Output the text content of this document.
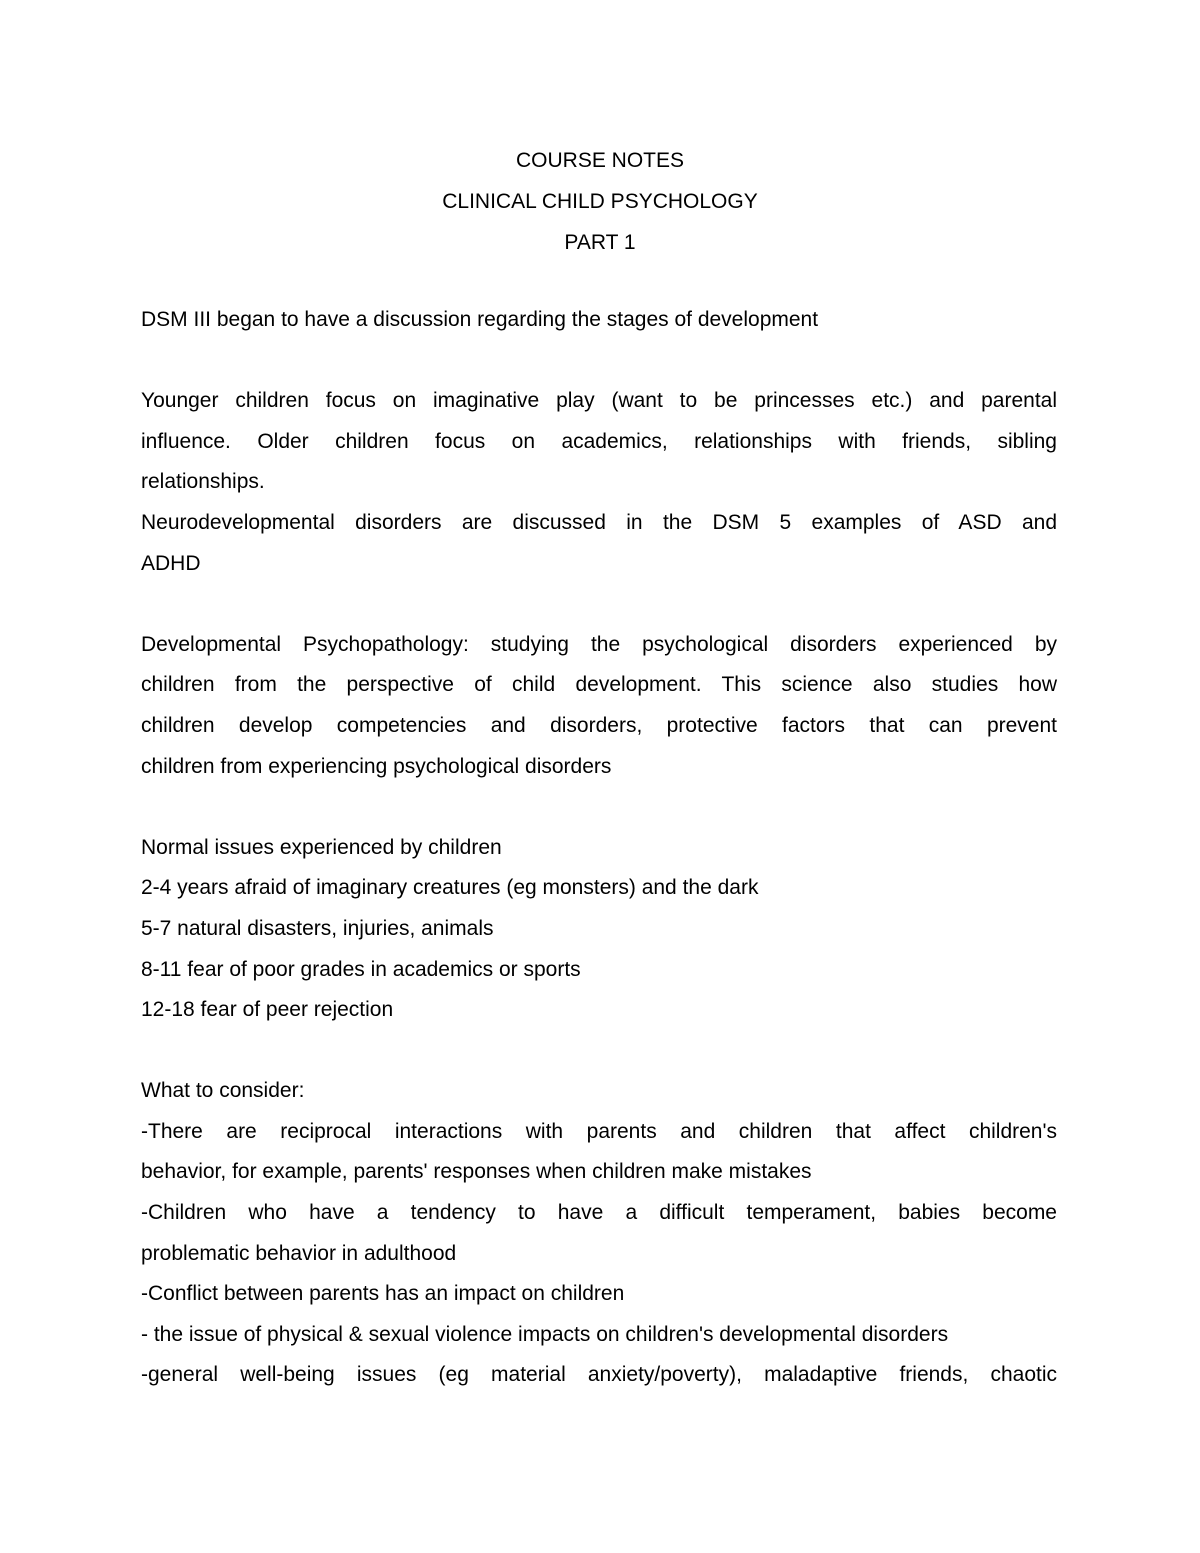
COURSE NOTES
CLINICAL CHILD PSYCHOLOGY
PART 1

DSM III began to have a discussion regarding the stages of development

Younger children focus on imaginative play (want to be princesses etc.) and parental

influence. Older children focus on academics, relationships with friends, sibling

relationships.

Neurodevelopmental disorders are discussed in the DSM 5 examples of ASD and

ADHD

Developmental Psychopathology: studying the psychological disorders experienced by

children from the perspective of child development. This science also studies how

children develop competencies and disorders, protective factors that can prevent

children from experiencing psychological disorders

Normal issues experienced by children

2-4 years afraid of imaginary creatures (eg monsters) and the dark

5-7 natural disasters, injuries, animals

8-11 fear of poor grades in academics or sports

12-18 fear of peer rejection

What to consider:

-There are reciprocal interactions with parents and children that affect children's

behavior, for example, parents' responses when children make mistakes

-Children who have a tendency to have a difficult temperament, babies become

problematic behavior in adulthood

-Conflict between parents has an impact on children

- the issue of physical & sexual violence impacts on children's developmental disorders

-general well-being issues (eg material anxiety/poverty), maladaptive friends, chaotic
